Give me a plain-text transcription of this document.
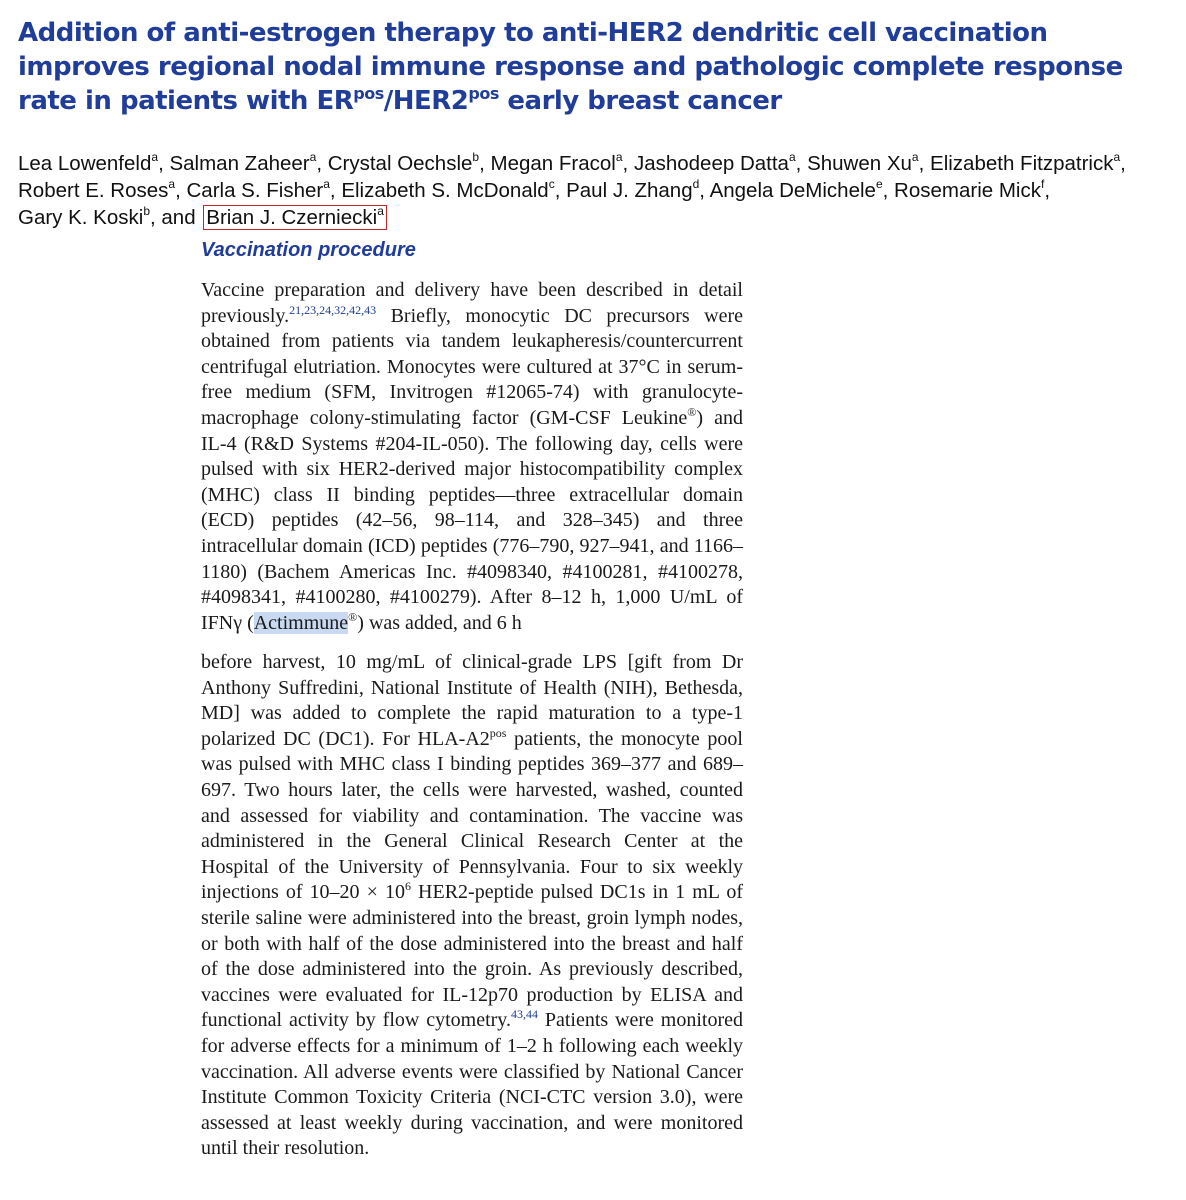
Addition of anti-estrogen therapy to anti-HER2 dendritic cell vaccination improves regional nodal immune response and pathologic complete response rate in patients with $ER^{pos}/HER2^{pos}$ early breast cancer

Lea Lowenfeld$^a$, Salman Zaheer$^a$, Crystal Oechsle$^b$, Megan Fracol$^a$, Jashodeep Datta$^a$, Shuwen Xu$^a$, Elizabeth Fitzpatrick$^a$, Robert E. Roses$^a$, Carla S. Fisher$^a$, Elizabeth S. McDonald$^c$, Paul J. Zhang$^d$, Angela DeMichele$^e$, Rosemarie Mick$^f$,
Gary K. Koski$^b$, and Brian J. Czerniecki$^a$

Vaccination procedure

Vaccine preparation and delivery have been described in detail previously.$^{21,23,24,32,42,43}$ Briefly, monocytic DC precursors were obtained from patients via tandem leukapheresis/countercurrent centrifugal elutriation. Monocytes were cultured at 37°C in serum-free medium (SFM, Invitrogen #12065-74) with granulocyte-macrophage colony-stimulating factor (GM-CSF Leukine®) and IL-4 (R&D Systems #204-IL-050). The following day, cells were pulsed with six HER2-derived major histocompatibility complex (MHC) class II binding peptides—three extracellular domain (ECD) peptides (42–56, 98–114, and 328–345) and three intracellular domain (ICD) peptides (776–790, 927–941, and 1166–1180) (Bachem Americas Inc. #4098340, #4100281, #4100278, #4098341, #4100280, #4100279). After 8–12 h, 1,000 U/mL of IFNγ (Actimmune®) was added, and 6 h

before harvest, 10 mg/mL of clinical-grade LPS [gift from Dr Anthony Suffredini, National Institute of Health (NIH), Bethesda, MD] was added to complete the rapid maturation to a type-1 polarized DC (DC1). For HLA-$A2^{pos}$ patients, the monocyte pool was pulsed with MHC class I binding peptides 369–377 and 689–697. Two hours later, the cells were harvested, washed, counted and assessed for viability and contamination. The vaccine was administered in the General Clinical Research Center at the Hospital of the University of Pennsylvania. Four to six weekly injections of $10-20 \times 10^6$ HER2-peptide pulsed DC1s in 1 mL of sterile saline were administered into the breast, groin lymph nodes, or both with half of the dose administered into the breast and half of the dose administered into the groin. As previously described, vaccines were evaluated for IL-12p70 production by ELISA and functional activity by flow cytometry.$^{43,44}$ Patients were monitored for adverse effects for a minimum of 1–2 h following each weekly vaccination. All adverse events were classified by National Cancer Institute Common Toxicity Criteria (NCI-CTC version 3.0), were assessed at least weekly during vaccination, and were monitored until their resolution.
